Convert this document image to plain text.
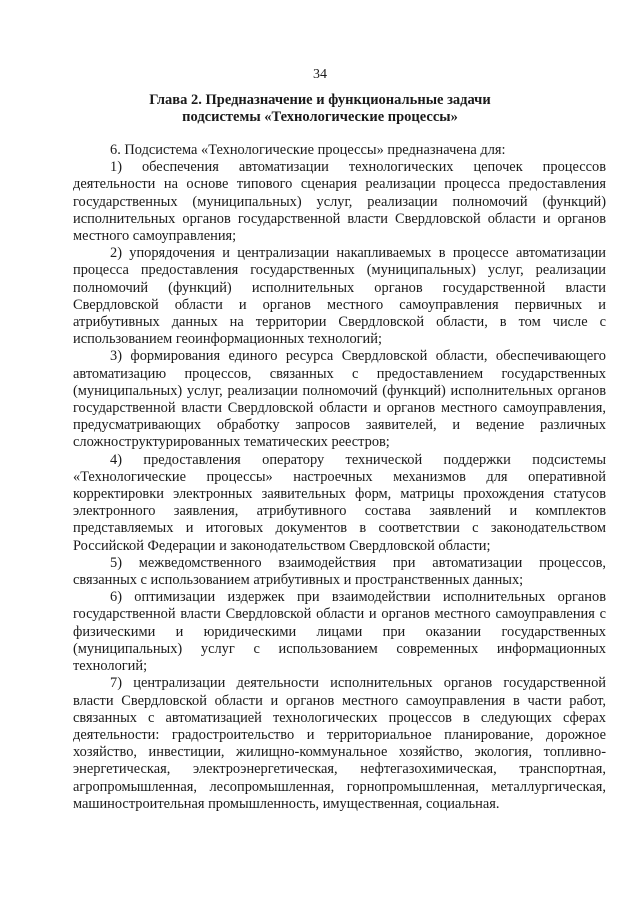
34
Глава 2. Предназначение и функциональные задачи
подсистемы «Технологические процессы»

6. Подсистема «Технологические процессы» предназначена для:

1) обеспечения автоматизации технологических цепочек процессов деятельности на основе типового сценария реализации процесса предоставления государственных (муниципальных) услуг, реализации полномочий (функций) исполнительных органов государственной власти Свердловской области и органов местного самоуправления;

2) упорядочения и централизации накапливаемых в процессе автоматизации процесса предоставления государственных (муниципальных) услуг, реализации полномочий (функций) исполнительных органов государственной власти Свердловской области и органов местного самоуправления первичных и атрибутивных данных на территории Свердловской области, в том числе с использованием геоинформационных технологий;

3) формирования единого ресурса Свердловской области, обеспечивающего автоматизацию процессов, связанных с предоставлением государственных (муниципальных) услуг, реализации полномочий (функций) исполнительных органов государственной власти Свердловской области и органов местного самоуправления, предусматривающих обработку запросов заявителей, и ведение различных сложноструктурированных тематических реестров;

4) предоставления оператору технической поддержки подсистемы «Технологические процессы» настроечных механизмов для оперативной корректировки электронных заявительных форм, матрицы прохождения статусов электронного заявления, атрибутивного состава заявлений и комплектов представляемых и итоговых документов в соответствии с законодательством Российской Федерации и законодательством Свердловской области;

5) межведомственного взаимодействия при автоматизации процессов, связанных с использованием атрибутивных и пространственных данных;

6) оптимизации издержек при взаимодействии исполнительных органов государственной власти Свердловской области и органов местного самоуправления с физическими и юридическими лицами при оказании государственных (муниципальных) услуг с использованием современных информационных технологий;

7) централизации деятельности исполнительных органов государственной власти Свердловской области и органов местного самоуправления в части работ, связанных с автоматизацией технологических процессов в следующих сферах деятельности: градостроительство и территориальное планирование, дорожное хозяйство, инвестиции, жилищно-коммунальное хозяйство, экология, топливно-энергетическая, электроэнергетическая, нефтегазохимическая, транспортная, агропромышленная, лесопромышленная, горнопромышленная, металлургическая, машиностроительная промышленность, имущественная, социальная.
